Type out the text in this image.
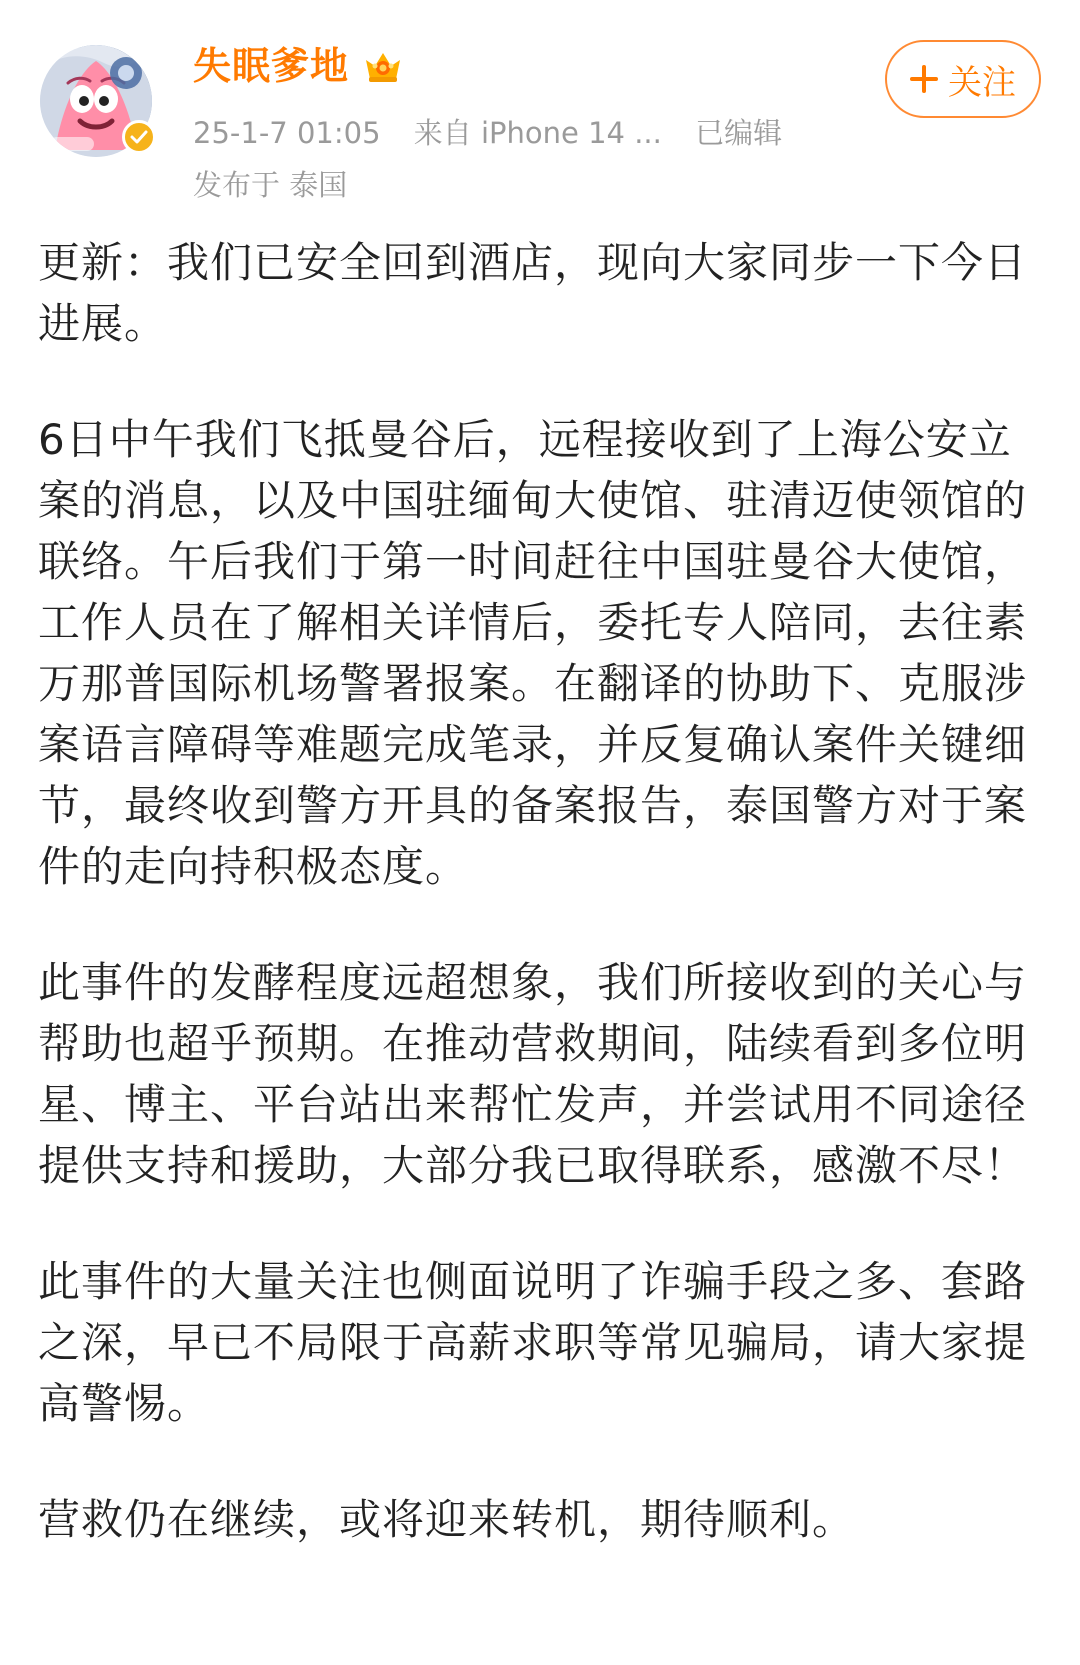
失眠爹地
25-1-7 01:05 来自 iPhone 14 ... 已编辑
发布于 泰国
关注

更新：我们已安全回到酒店，现向大家同步一下今日进展。

6日中午我们飞抵曼谷后，远程接收到了上海公安立案的消息，以及中国驻缅甸大使馆、驻清迈使领馆的联络。午后我们于第一时间赶往中国驻曼谷大使馆，工作人员在了解相关详情后，委托专人陪同，去往素万那普国际机场警署报案。在翻译的协助下、克服涉案语言障碍等难题完成笔录，并反复确认案件关键细节，最终收到警方开具的备案报告，泰国警方对于案件的走向持积极态度。

此事件的发酵程度远超想象，我们所接收到的关心与帮助也超乎预期。在推动营救期间，陆续看到多位明星、博主、平台站出来帮忙发声，并尝试用不同途径提供支持和援助，大部分我已取得联系，感激不尽！

此事件的大量关注也侧面说明了诈骗手段之多、套路之深，早已不局限于高薪求职等常见骗局，请大家提高警惕。

营救仍在继续，或将迎来转机，期待顺利。
